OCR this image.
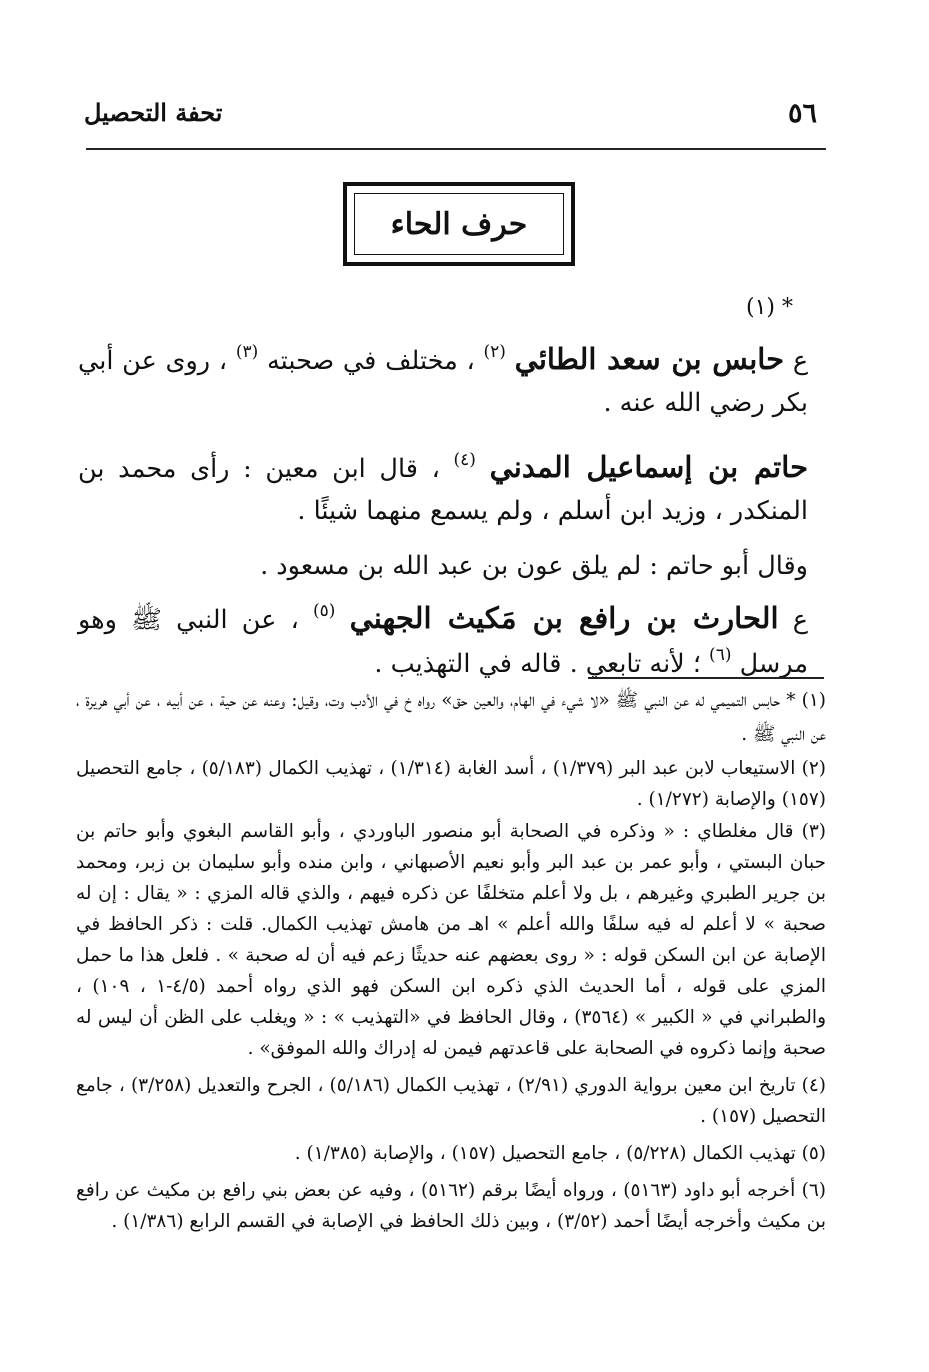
٥٦
تحفة التحصيل
حرف الحاء
* (١)

ع حابس بن سعد الطائي $^{(٢)}$ ، مختلف في صحبته $^{(٣)}$ ، روى عن أبي بكر رضي الله عنه .

حاتم بن إسماعيل المدني $^{(٤)}$ ، قال ابن معين : رأى محمد بن المنكدر ، وزيد ابن أسلم ، ولم يسمع منهما شيئًا .

وقال أبو حاتم : لم يلق عون بن عبد الله بن مسعود .

ع الحارث بن رافع بن مَكيث الجهني $^{(٥)}$ ، عن النبي ﷺ وهو مرسل $^{(٦)}$ ؛ لأنه تابعي . قاله في التهذيب .

(١) * حابس التميمي له عن النبي ﷺ «لا شيء في الهام، والعين حق» رواه خ في الأدب وت، وقيل: وعنه عن حية ، عن أبيه ، عن أبي هريرة ، عن النبي ﷺ .

(٢) الاستيعاب لابن عبد البر (١/٣٧٩) ، أسد الغابة (١/٣١٤) ، تهذيب الكمال (٥/١٨٣) ، جامع التحصيل (١٥٧) والإصابة (١/٢٧٢) .

(٣) قال مغلطاي : « وذكره في الصحابة أبو منصور الباوردي ، وأبو القاسم البغوي وأبو حاتم بن حبان البستي ، وأبو عمر بن عبد البر وأبو نعيم الأصبهاني ، وابن منده وأبو سليمان بن زبر، ومحمد بن جرير الطبري وغيرهم ، بل ولا أعلم متخلفًا عن ذكره فيهم ، والذي قاله المزي : « يقال : إن له صحبة » لا أعلم له فيه سلفًا والله أعلم » اهـ من هامش تهذيب الكمال. قلت : ذكر الحافظ في الإصابة عن ابن السكن قوله : « روى بعضهم عنه حديثًا زعم فيه أن له صحبة » . فلعل هذا ما حمل المزي على قوله ، أما الحديث الذي ذكره ابن السكن فهو الذي رواه أحمد (٤/٥-١ ، ١٠٩) ، والطبراني في « الكبير » (٣٥٦٤) ، وقال الحافظ في «التهذيب » : « ويغلب على الظن أن ليس له صحبة وإنما ذكروه في الصحابة على قاعدتهم فيمن له إدراك والله الموفق» .

(٤) تاريخ ابن معين برواية الدوري (٢/٩١) ، تهذيب الكمال (٥/١٨٦) ، الجرح والتعديل (٣/٢٥٨) ، جامع التحصيل (١٥٧) .

(٥) تهذيب الكمال (٥/٢٢٨) ، جامع التحصيل (١٥٧) ، والإصابة (١/٣٨٥) .

(٦) أخرجه أبو داود (٥١٦٣) ، ورواه أيضًا برقم (٥١٦٢) ، وفيه عن بعض بني رافع بن مكيث عن رافع بن مكيث وأخرجه أيضًا أحمد (٣/٥٢) ، وبين ذلك الحافظ في الإصابة في القسم الرابع (١/٣٨٦) .
